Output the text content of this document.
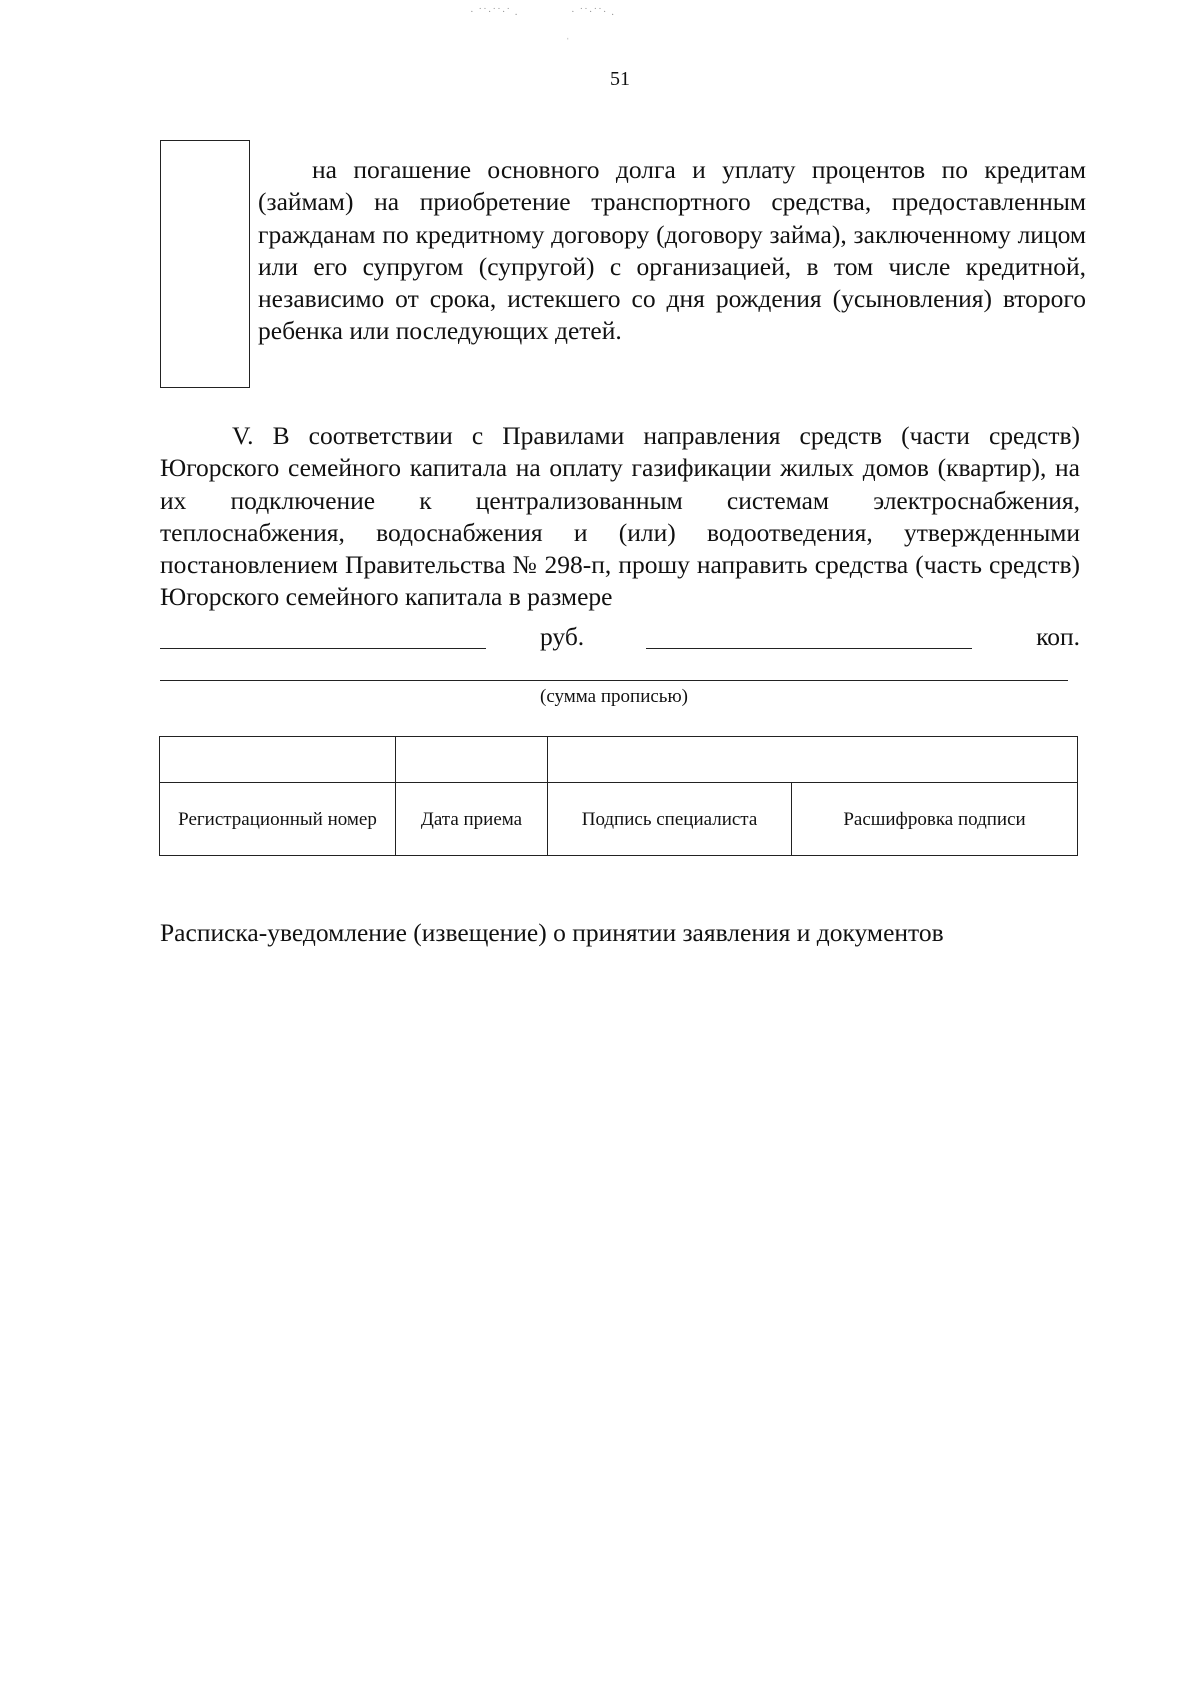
· ˙˙·˙˙·˙ .              · ˙˙·˙˙· .
ˌ
51

на погашение основного долга и уплату процентов по кредитам (займам) на приобретение транспортного средства, предоставленным гражданам по кредитному договору (договору займа), заключенному лицом или его супругом (супругой) с организацией, в том числе кредитной, независимо от срока, истекшего со дня рождения (усыновления) второго ребенка или последующих детей.

V. В соответствии с Правилами направления средств (части средств) Югорского семейного капитала на оплату газификации жилых домов (квартир), на их подключение к централизованным системам электроснабжения, теплоснабжения, водоснабжения и (или) водоотведения, утвержденными постановлением Правительства № 298-п, прошу направить средства (часть средств) Югорского семейного капитала в размере

руб.	коп.
(сумма прописью)

Регистрационный номер	Дата приема	Подпись специалиста	Расшифровка подписи
Расписка-уведомление (извещение) о принятии заявления и документов
